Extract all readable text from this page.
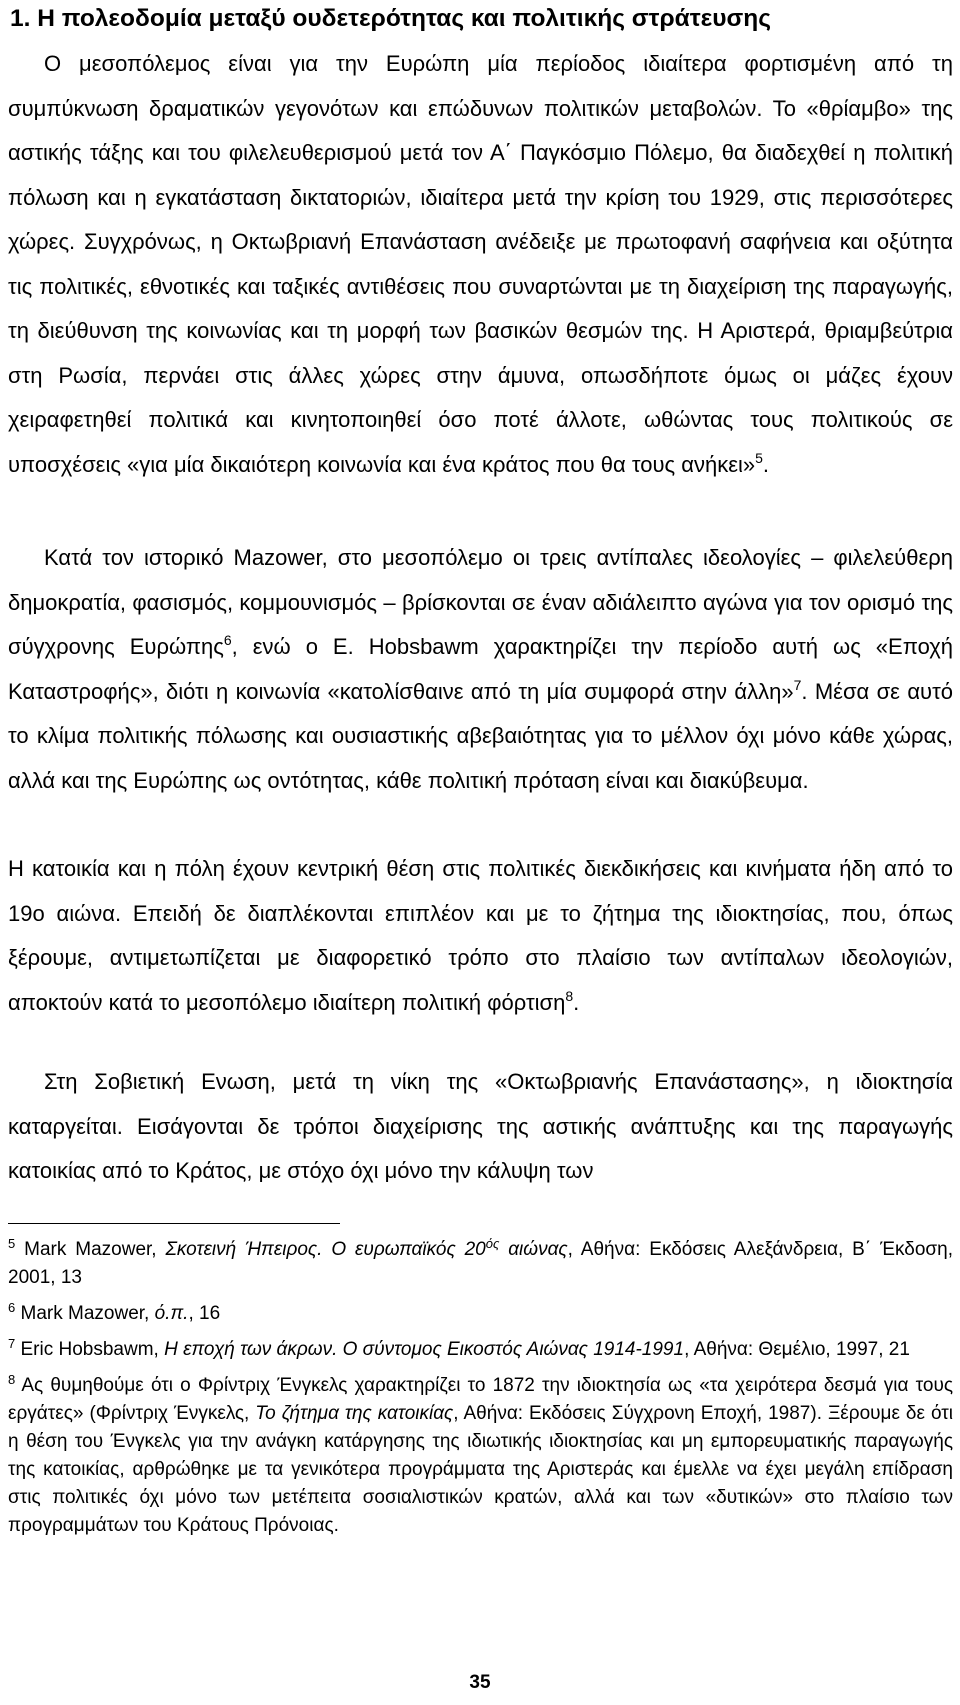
1. Η πολεοδομία μεταξύ ουδετερότητας και πολιτικής στράτευσης

Ο μεσοπόλεμος είναι για την Ευρώπη μία περίοδος ιδιαίτερα φορτισμένη από τη συμπύκνωση δραματικών γεγονότων και επώδυνων πολιτικών μεταβολών. Το «θρίαμβο» της αστικής τάξης και του φιλελευθερισμού μετά τον Α΄ Παγκόσμιο Πόλεμο, θα διαδεχθεί η πολιτική πόλωση και η εγκατάσταση δικτατοριών, ιδιαίτερα μετά την κρίση του 1929, στις περισσότερες χώρες. Συγχρόνως, η Οκτωβριανή Επανάσταση ανέδειξε με πρωτοφανή σαφήνεια και οξύτητα τις πολιτικές, εθνοτικές και ταξικές αντιθέσεις που συναρτώνται με τη διαχείριση της παραγωγής, τη διεύθυνση της κοινωνίας και τη μορφή των βασικών θεσμών της. Η Αριστερά, θριαμβεύτρια στη Ρωσία, περνάει στις άλλες χώρες στην άμυνα, οπωσδήποτε όμως οι μάζες έχουν χειραφετηθεί πολιτικά και κινητοποιηθεί όσο ποτέ άλλοτε, ωθώντας τους πολιτικούς σε υποσχέσεις «για μία δικαιότερη κοινωνία και ένα κράτος που θα τους ανήκει»$^5$.

Κατά τον ιστορικό Mazower, στο μεσοπόλεμο οι τρεις αντίπαλες ιδεολογίες – φιλελεύθερη δημοκρατία, φασισμός, κομμουνισμός – βρίσκονται σε έναν αδιάλειπτο αγώνα για τον ορισμό της σύγχρονης Ευρώπης$^6$, ενώ ο Ε. Hobsbawm χαρακτηρίζει την περίοδο αυτή ως «Εποχή Καταστροφής», διότι η κοινωνία «κατολίσθαινε από τη μία συμφορά στην άλλη»$^7$. Μέσα σε αυτό το κλίμα πολιτικής πόλωσης και ουσιαστικής αβεβαιότητας για το μέλλον όχι μόνο κάθε χώρας, αλλά και της Ευρώπης ως οντότητας, κάθε πολιτική πρόταση είναι και διακύβευμα.

Η κατοικία και η πόλη έχουν κεντρική θέση στις πολιτικές διεκδικήσεις και κινήματα ήδη από το 19ο αιώνα. Επειδή δε διαπλέκονται επιπλέον και με το ζήτημα της ιδιοκτησίας, που, όπως ξέρουμε, αντιμετωπίζεται με διαφορετικό τρόπο στο πλαίσιο των αντίπαλων ιδεολογιών, αποκτούν κατά το μεσοπόλεμο ιδιαίτερη πολιτική φόρτιση$^8$.

Στη Σοβιετική Ενωση, μετά τη νίκη της «Οκτωβριανής Επανάστασης», η ιδιοκτησία καταργείται. Εισάγονται δε τρόποι διαχείρισης της αστικής ανάπτυξης και της παραγωγής κατοικίας από το Κράτος, με στόχο όχι μόνο την κάλυψη των

$^5$ Mark Mazower, Σκοτεινή Ήπειρος. Ο ευρωπαϊκός $20^{ό\varsigma}$ αιώνας, Αθήνα: Εκδόσεις Αλεξάνδρεια, Β΄ Έκδοση, 2001, 13

$^6$ Mark Mazower, ό.π., 16

$^7$ Eric Hobsbawm, Η εποχή των άκρων. Ο σύντομος Εικοστός Αιώνας 1914-1991, Αθήνα: Θεμέλιο, 1997, 21

$^8$ Ας θυμηθούμε ότι ο Φρίντριχ Ένγκελς χαρακτηρίζει το 1872 την ιδιοκτησία ως «τα χειρότερα δεσμά για τους εργάτες» (Φρίντριχ Ένγκελς, Το ζήτημα της κατοικίας, Αθήνα: Εκδόσεις Σύγχρονη Εποχή, 1987). Ξέρουμε δε ότι η θέση του Ένγκελς για την ανάγκη κατάργησης της ιδιωτικής ιδιοκτησίας και μη εμπορευματικής παραγωγής της κατοικίας, αρθρώθηκε με τα γενικότερα προγράμματα της Αριστεράς και έμελλε να έχει μεγάλη επίδραση στις πολιτικές όχι μόνο των μετέπειτα σοσιαλιστικών κρατών, αλλά και των «δυτικών» στο πλαίσιο των προγραμμάτων του Κράτους Πρόνοιας.

35
